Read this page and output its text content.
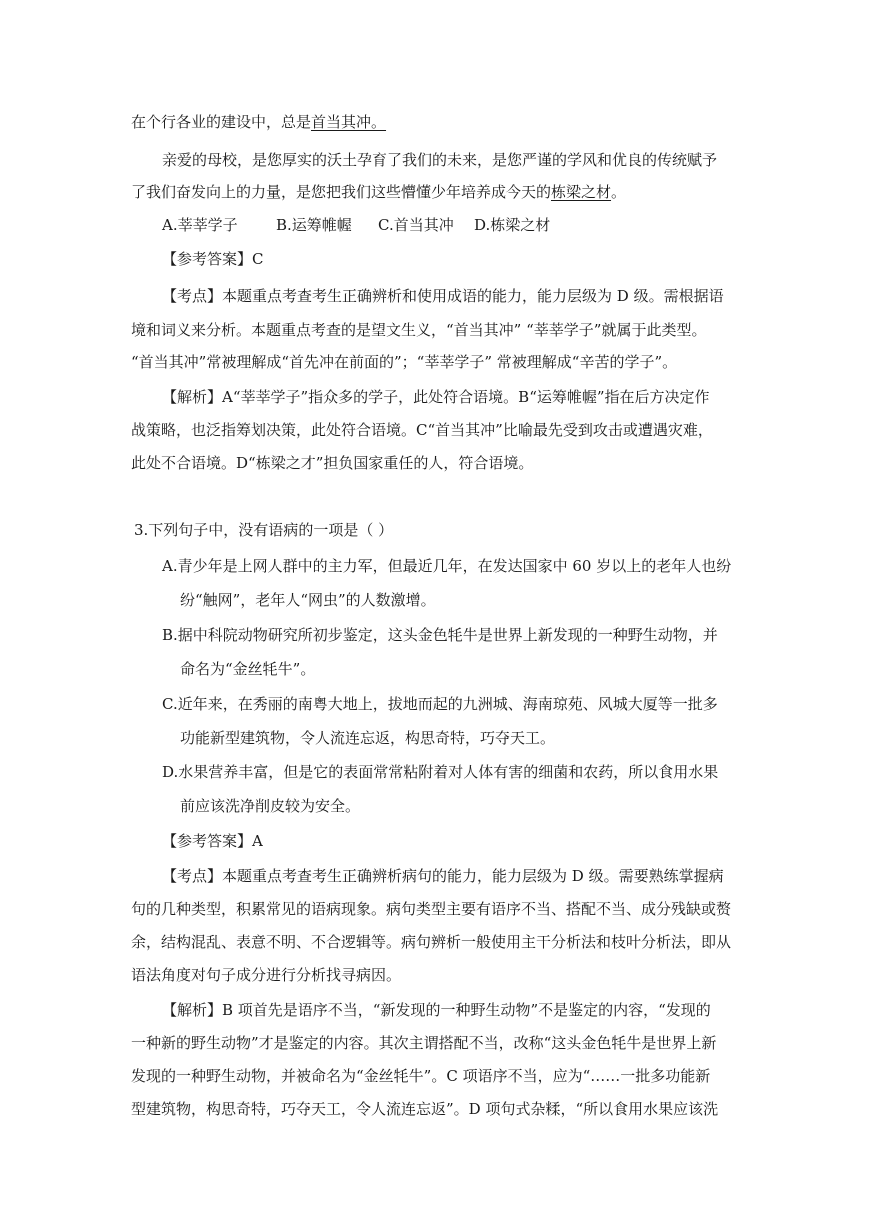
在个行各业的建设中，总是首当其冲。
亲爱的母校，是您厚实的沃土孕育了我们的未来，是您严谨的学风和优良的传统赋予
了我们奋发向上的力量，是您把我们这些懵懂少年培养成今天的栋梁之材。
A.莘莘学子	B.运筹帷幄 C.首当其冲 D.栋梁之材
【参考答案】C
【考点】本题重点考查考生正确辨析和使用成语的能力，能力层级为 D 级。需根据语
境和词义来分析。本题重点考查的是望文生义，“首当其冲” “莘莘学子”就属于此类型。
“首当其冲”常被理解成“首先冲在前面的”；“莘莘学子” 常被理解成“辛苦的学子”。
【解析】A“莘莘学子”指众多的学子，此处符合语境。B“运筹帷幄”指在后方决定作
战策略，也泛指筹划决策，此处符合语境。C“首当其冲”比喻最先受到攻击或遭遇灾难，
此处不合语境。D“栋梁之才”担负国家重任的人，符合语境。
3.下列句子中，没有语病的一项是（ ）
A.青少年是上网人群中的主力军，但最近几年，在发达国家中 60 岁以上的老年人也纷
纷“触网”，老年人“网虫”的人数激增。
B.据中科院动物研究所初步鉴定，这头金色牦牛是世界上新发现的一种野生动物，并
命名为“金丝牦牛”。
C.近年来，在秀丽的南粤大地上，拔地而起的九洲城、海南琼苑、风城大厦等一批多
功能新型建筑物，令人流连忘返，构思奇特，巧夺天工。
D.水果营养丰富，但是它的表面常常粘附着对人体有害的细菌和农药，所以食用水果
前应该洗净削皮较为安全。
【参考答案】A
【考点】本题重点考查考生正确辨析病句的能力，能力层级为 D 级。需要熟练掌握病
句的几种类型，积累常见的语病现象。病句类型主要有语序不当、搭配不当、成分残缺或赘
余，结构混乱、表意不明、不合逻辑等。病句辨析一般使用主干分析法和枝叶分析法，即从
语法角度对句子成分进行分析找寻病因。
【解析】B 项首先是语序不当，“新发现的一种野生动物”不是鉴定的内容，“发现的
一种新的野生动物”才是鉴定的内容。其次主谓搭配不当，改称“这头金色牦牛是世界上新
发现的一种野生动物，并被命名为“金丝牦牛”。C 项语序不当，应为“……一批多功能新
型建筑物，构思奇特，巧夺天工，令人流连忘返”。D 项句式杂糅，“所以食用水果应该洗
